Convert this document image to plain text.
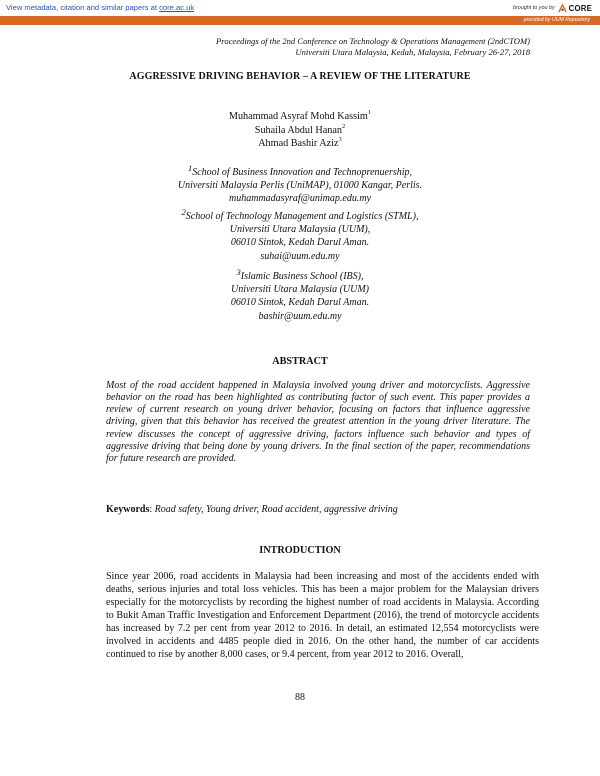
View metadata, citation and similar papers at core.ac.uk	brought to you by CORE
provided by UUM Repository
Proceedings of the 2nd Conference on Technology & Operations Management (2ndCTOM)
Universiti Utara Malaysia, Kedah, Malaysia, February 26-27, 2018
AGGRESSIVE DRIVING BEHAVIOR – A REVIEW OF THE LITERATURE
Muhammad Asyraf Mohd Kassim$^1$
Suhaila Abdul Hanan$^2$
Ahmad Bashir Aziz$^3$
$^1$School of Business Innovation and Technoprenuership,
Universiti Malaysia Perlis (UniMAP), 01000 Kangar, Perlis.
muhammadasyraf@unimap.edu.my
$^2$School of Technology Management and Logistics (STML),
Universiti Utara Malaysia (UUM),
06010 Sintok, Kedah Darul Aman.
suhai@uum.edu.my
$^3$Islamic Business School (IBS),
Universiti Utara Malaysia (UUM)
06010 Sintok, Kedah Darul Aman.
bashir@uum.edu.my
ABSTRACT

Most of the road accident happened in Malaysia involved young driver and motorcyclists. Aggressive behavior on the road has been highlighted as contributing factor of such event. This paper provides a review of current research on young driver behavior, focusing on factors that influence aggressive driving, given that this behavior has received the greatest attention in the young driver literature. The review discusses the concept of aggressive driving, factors influence such behavior and types of aggressive driving that being done by young drivers. In the final section of the paper, recommendations for future research are provided.

Keywords: Road safety, Young driver, Road accident, aggressive driving
INTRODUCTION

Since year 2006, road accidents in Malaysia had been increasing and most of the accidents ended with deaths, serious injuries and total loss vehicles. This has been a major problem for the Malaysian drivers especially for the motorcyclists by recording the highest number of road accidents in Malaysia. According to Bukit Aman Traffic Investigation and Enforcement Department (2016), the trend of motorcycle accidents has increased by 7.2 per cent from year 2012 to 2016. In detail, an estimated 12,554 motorcyclists were involved in accidents and 4485 people died in 2016. On the other hand, the number of car accidents continued to rise by another 8,000 cases, or 9.4 percent, from year 2012 to 2016. Overall,

88
